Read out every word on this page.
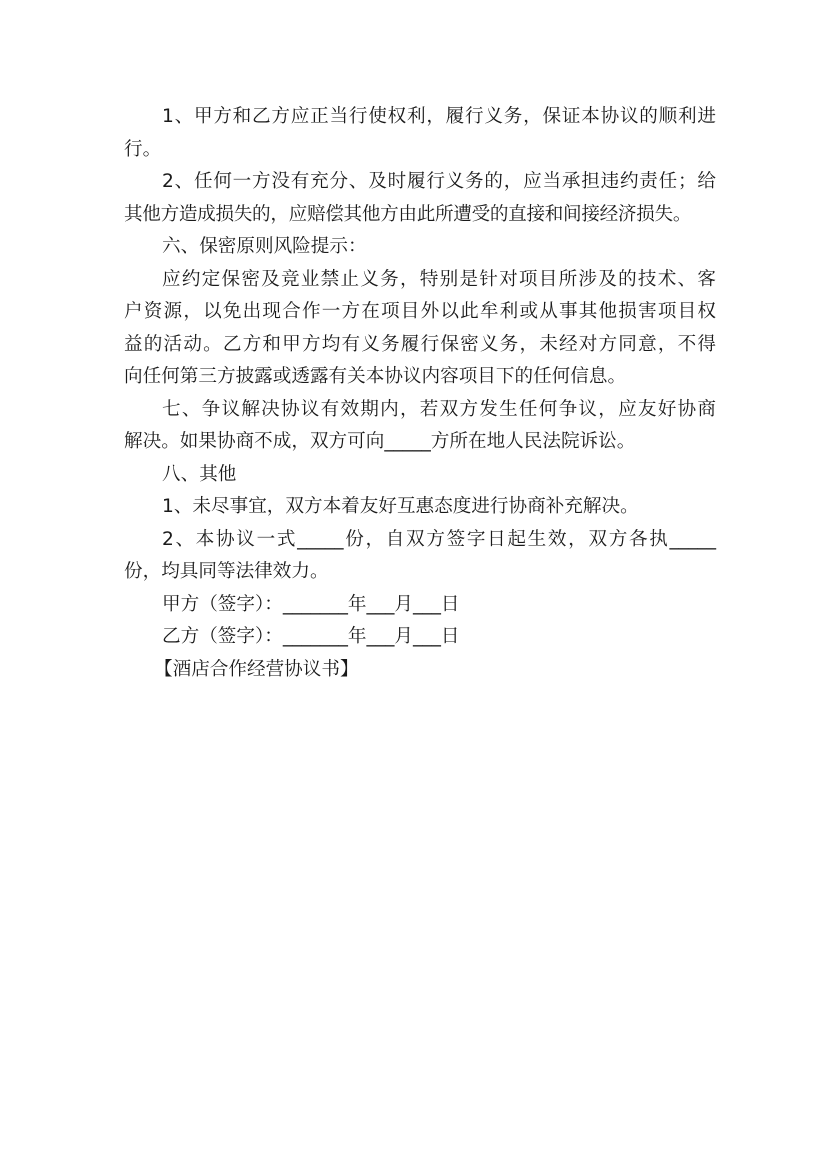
1、甲方和乙方应正当行使权利，履行义务，保证本协议的顺利进
行。
2、任何一方没有充分、及时履行义务的，应当承担违约责任；给
其他方造成损失的，应赔偿其他方由此所遭受的直接和间接经济损失。
六、保密原则风险提示：
应约定保密及竞业禁止义务，特别是针对项目所涉及的技术、客
户资源，以免出现合作一方在项目外以此牟利或从事其他损害项目权
益的活动。乙方和甲方均有义务履行保密义务，未经对方同意，不得
向任何第三方披露或透露有关本协议内容项目下的任何信息。
七、争议解决协议有效期内，若双方发生任何争议，应友好协商
解决。如果协商不成，双方可向_____方所在地人民法院诉讼。
八、其他
1、未尽事宜，双方本着友好互惠态度进行协商补充解决。
2、本协议一式_____份，自双方签字日起生效，双方各执_____
份，均具同等法律效力。
甲方（签字）：_______年___月___日
乙方（签字）：_______年___月___日
【酒店合作经营协议书】
